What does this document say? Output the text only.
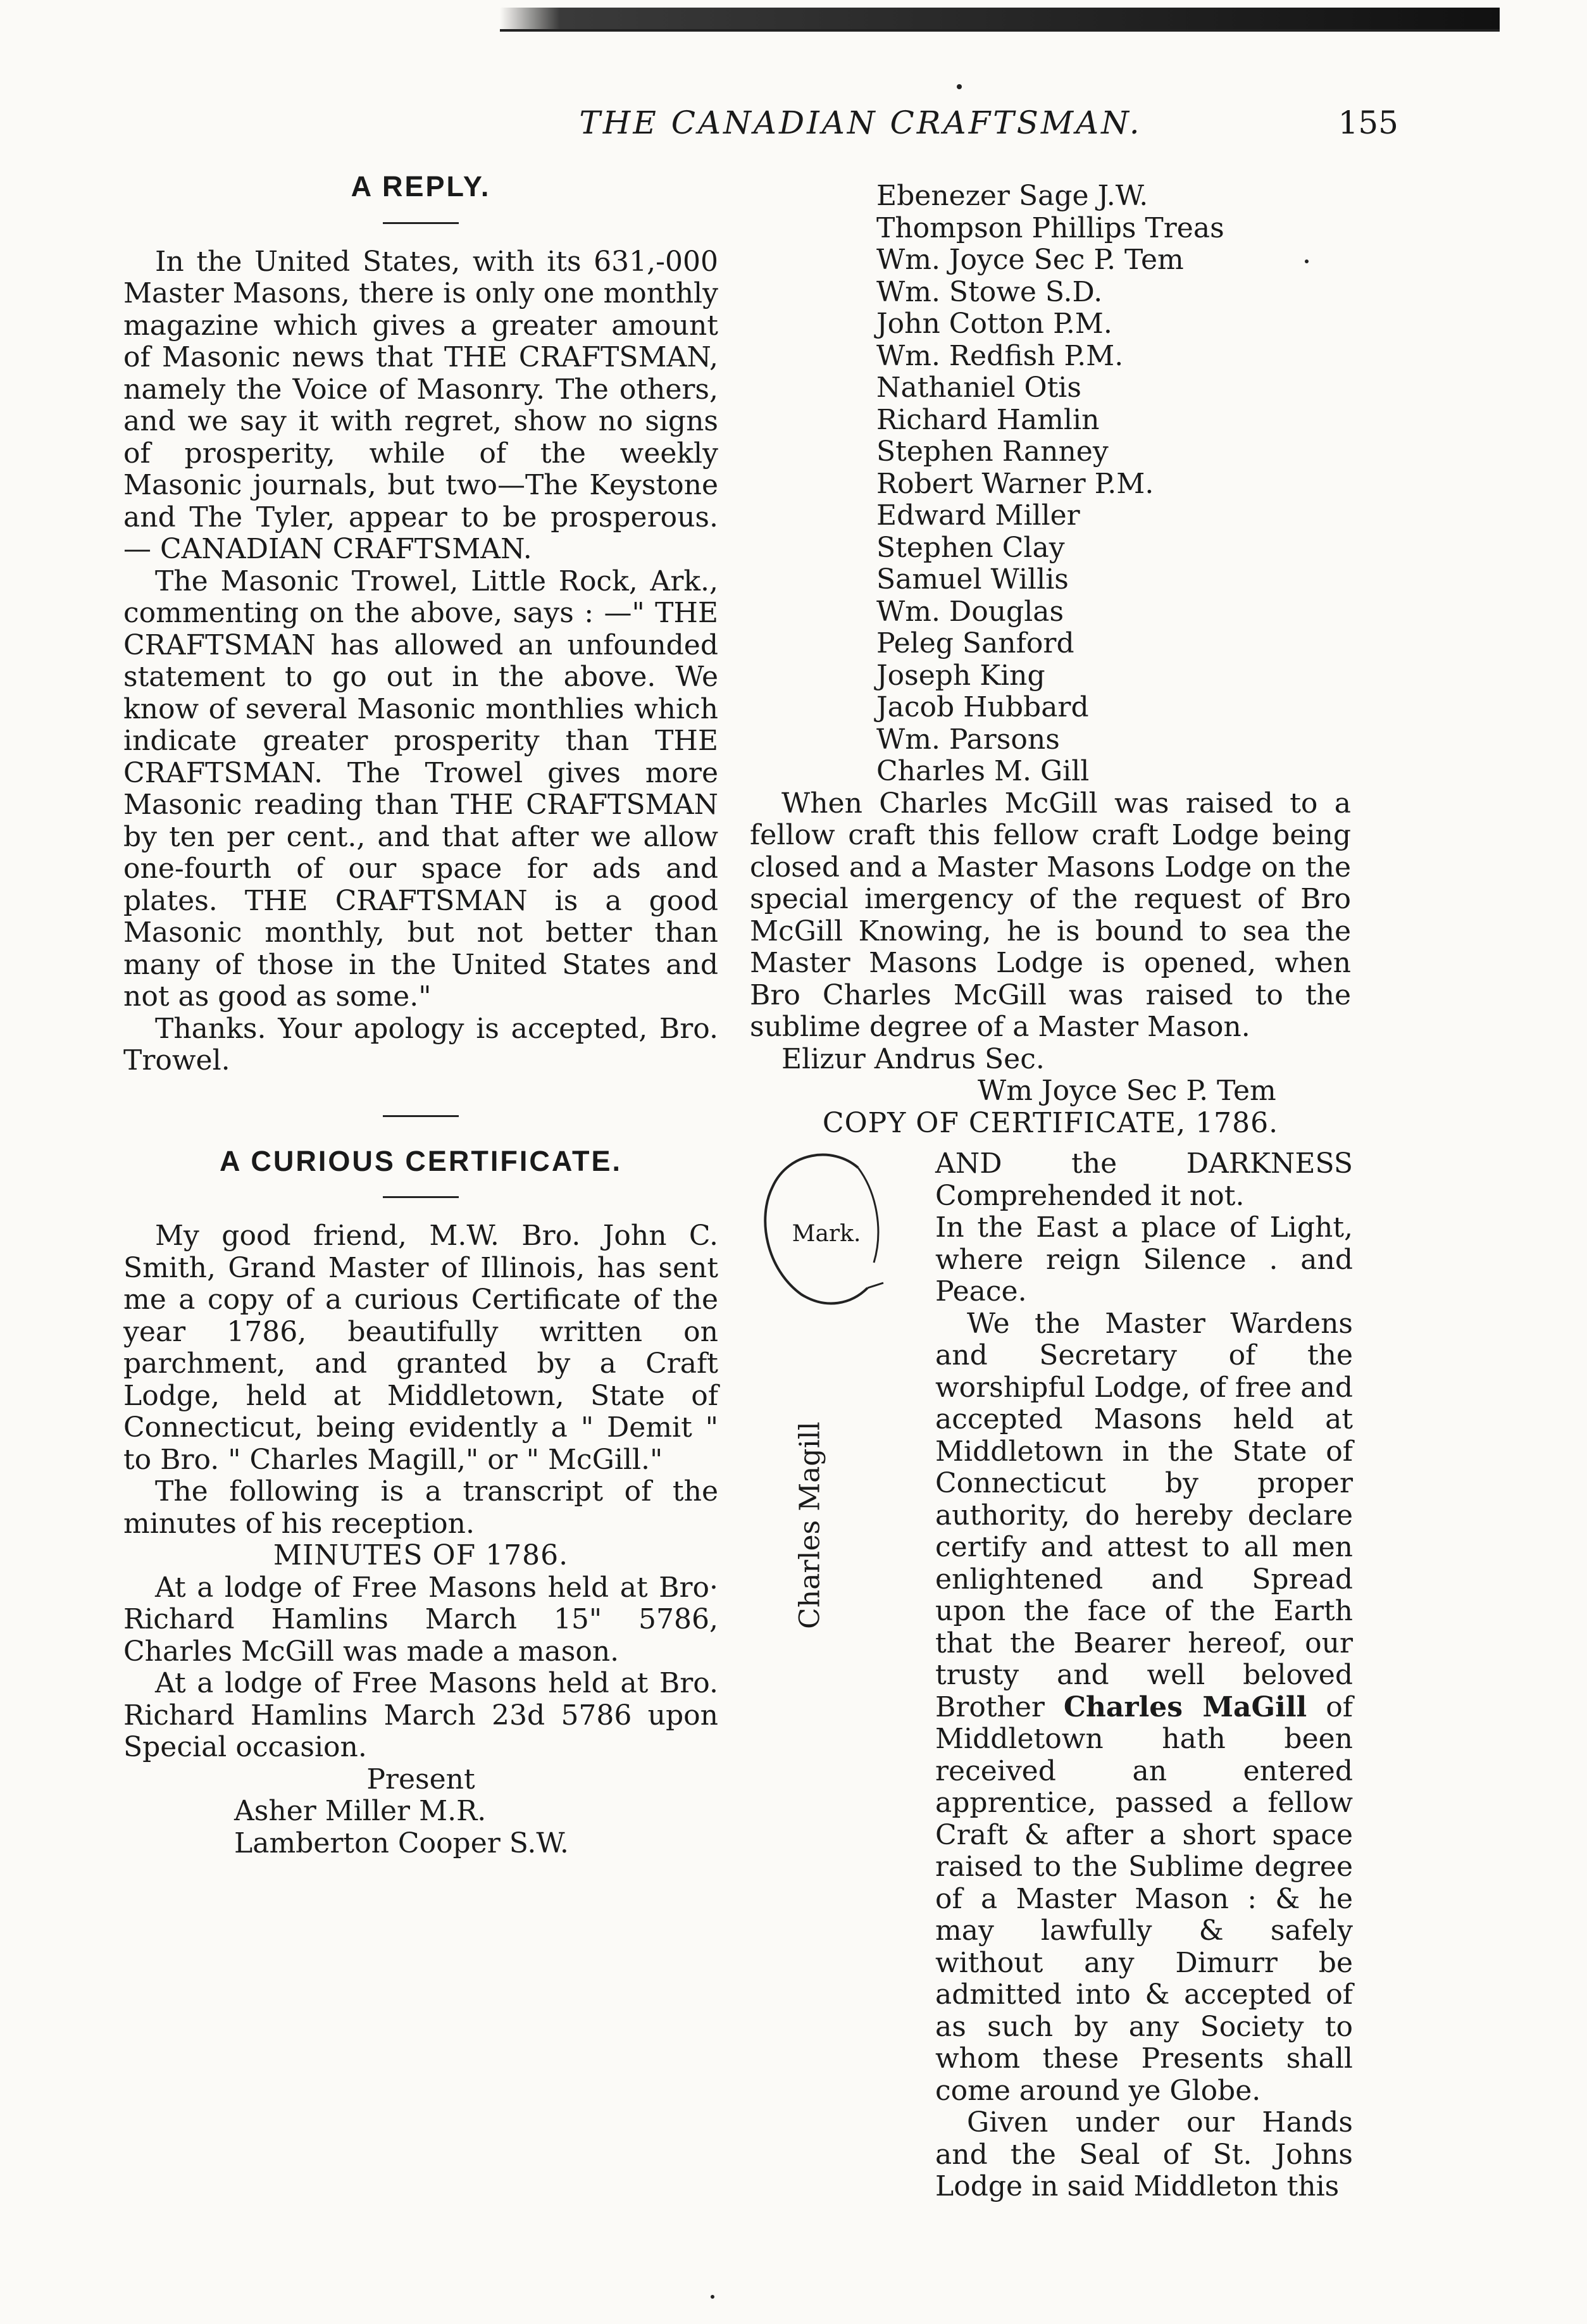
THE CANADIAN CRAFTSMAN.	155
A REPLY.

In the United States, with its 631,-000 Master Masons, there is only one monthly magazine which gives a greater amount of Masonic news that THE CRAFTSMAN, namely the Voice of Masonry. The others, and we say it with regret, show no signs of prosperity, while of the weekly Masonic journals, but two—The Keystone and The Tyler, appear to be prosperous. — CANADIAN CRAFTSMAN.

The Masonic Trowel, Little Rock, Ark., commenting on the above, says : —" THE CRAFTSMAN has allowed an unfounded statement to go out in the above. We know of several Masonic monthlies which indicate greater prosperity than THE CRAFTSMAN. The Trowel gives more Masonic reading than THE CRAFTSMAN by ten per cent., and that after we allow one-fourth of our space for ads and plates. THE CRAFTSMAN is a good Masonic monthly, but not better than many of those in the United States and not as good as some."

Thanks. Your apology is accepted, Bro. Trowel.

A CURIOUS CERTIFICATE.

My good friend, M.W. Bro. John C. Smith, Grand Master of Illinois, has sent me a copy of a curious Certificate of the year 1786, beautifully written on parchment, and granted by a Craft Lodge, held at Middletown, State of Connecticut, being evidently a " Demit " to Bro. " Charles Magill," or " McGill."

The following is a transcript of the minutes of his reception.

MINUTES OF 1786.

At a lodge of Free Masons held at Bro· Richard Hamlins March 15" 5786, Charles McGill was made a mason.

At a lodge of Free Masons held at Bro. Richard Hamlins March 23d 5786 upon Special occasion.

Present
Asher Miller M.R.
Lamberton Cooper S.W.
Ebenezer Sage J.W.
Thompson Phillips Treas
Wm. Joyce Sec P. Tem
Wm. Stowe S.D.
John Cotton P.M.
Wm. Redfish P.M.
Nathaniel Otis
Richard Hamlin
Stephen Ranney
Robert Warner P.M.
Edward Miller
Stephen Clay
Samuel Willis
Wm. Douglas
Peleg Sanford
Joseph King
Jacob Hubbard
Wm. Parsons
Charles M. Gill

When Charles McGill was raised to a fellow craft this fellow craft Lodge being closed and a Master Masons Lodge on the special imergency of the request of Bro McGill Knowing, he is bound to sea the Master Masons Lodge is opened, when Bro Charles McGill was raised to the sublime degree of a Master Mason.

Elizur Andrus Sec.
Wm Joyce Sec P. Tem
COPY OF CERTIFICATE, 1786.
Mark.
Charles Magill

AND the DARKNESS Comprehended it not.

In the East a place of Light, where reign Silence . and Peace.

We the Master Wardens and Secretary of the worshipful Lodge, of free and accepted Masons held at Middletown in the State of Connecticut by proper authority, do hereby declare certify and attest to all men enlightened and Spread upon the face of the Earth that the Bearer hereof, our trusty and well beloved Brother Charles MaGill of Middletown hath been received an entered apprentice, passed a fellow Craft & after a short space raised to the Sublime degree of a Master Mason : & he may lawfully & safely without any Dimurr be admitted into & accepted of as such by any Society to whom these Presents shall come around ye Globe.

Given under our Hands and the Seal of St. Johns Lodge in said Middleton this
